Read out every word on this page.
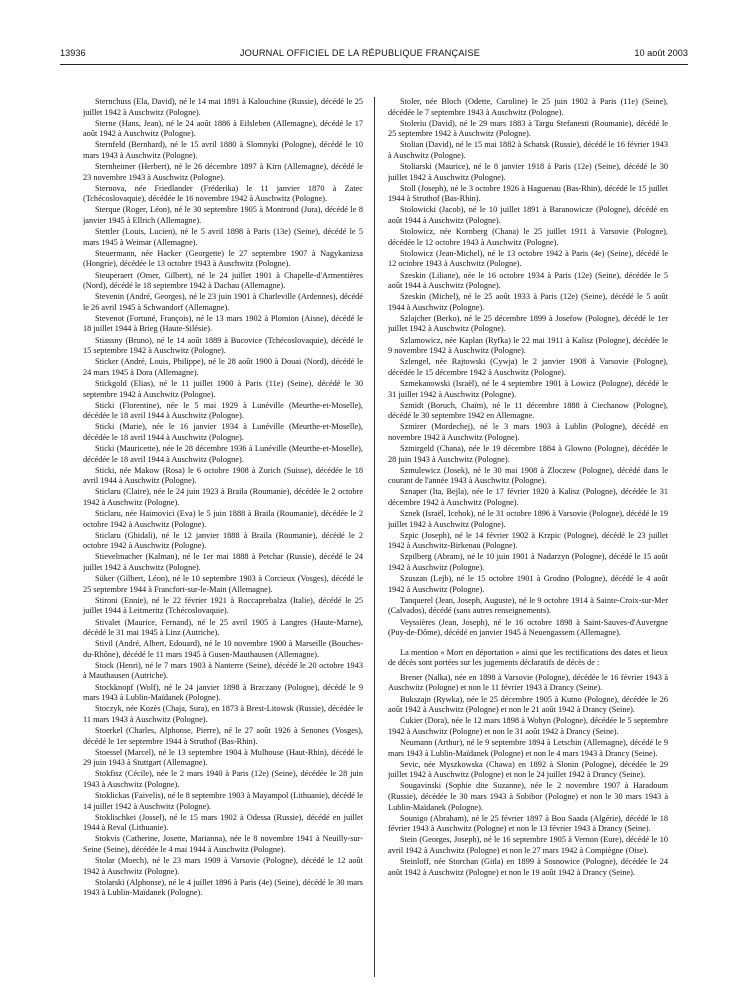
13936	JOURNAL OFFICIEL DE LA RÉPUBLIQUE FRANÇAISE	10 août 2003

Sternchuss (Ela, David), né le 14 mai 1891 à Kalouchine (Russie), décédé le 25 juillet 1942 à Auschwitz (Pologne).

Sterne (Hans, Jean), né le 24 août 1886 à Eilsleben (Allemagne), décédé le 17 août 1942 à Auschwitz (Pologne).

Sternfeld (Bernhard), né le 15 avril 1880 à Slomnyki (Pologne), décédé le 10 mars 1943 à Auschwitz (Pologne).

Sternheimer (Herbert), né le 26 décembre 1897 à Kirn (Allemagne), décédé le 23 novembre 1943 à Auschwitz (Pologne).

Sternova, née Friedlander (Fréderika) le 11 janvier 1870 à Zatec (Tchécoslovaquie), décédée le 16 novembre 1942 à Auschwitz (Pologne).

Sterque (Roger, Léon), né le 30 septembre 1905 à Montrond (Jura), décédé le 8 janvier 1945 à Ellrich (Allemagne).

Stettler (Louis, Lucien), né le 5 avril 1898 à Paris (13e) (Seine), décédé le 5 mars 1945 à Weimar (Allemagne).

Steuermann, née Hacker (Georgette) le 27 septembre 1907 à Nagykanizsa (Hongrie), décédée le 13 octobre 1943 à Auschwitz (Pologne).

Steuperaert (Omer, Gilbert), né le 24 juillet 1901 à Chapelle-d'Armentières (Nord), décédé le 18 septembre 1942 à Dachau (Allemagne).

Stevenin (André, Georges), né le 23 juin 1901 à Charleville (Ardennes), décédé le 26 avril 1945 à Schwandorf (Allemagne).

Stevenot (Fortuné, François), né le 13 mars 1902 à Plomion (Aisne), décédé le 18 juillet 1944 à Brieg (Haute-Silésie).

Stiassny (Bruno), né le 14 août 1889 à Bucovice (Tchécoslovaquie), décédé le 15 septembre 1942 à Auschwitz (Pologne).

Sticker (André, Louis, Philippe), né le 28 août 1900 à Douai (Nord), décédé le 24 mars 1945 à Dora (Allemagne).

Stickgold (Elias), né le 11 juillet 1900 à Paris (11e) (Seine), décédé le 30 septembre 1942 à Auschwitz (Pologne).

Sticki (Florentine), née le 5 mai 1929 à Lunéville (Meurthe-et-Moselle), décédée le 18 avril 1944 à Auschwitz (Pologne).

Sticki (Marie), née le 16 janvier 1934 à Lunéville (Meurthe-et-Moselle), décédée le 18 avril 1944 à Auschwitz (Pologne).

Sticki (Mauricette), née le 28 décembre 1936 à Lunéville (Meurthe-et-Moselle), décédée le 18 avril 1944 à Auschwitz (Pologne).

Sticki, née Makow (Rosa) le 6 octobre 1908 à Zurich (Suisse), décédée le 18 avril 1944 à Auschwitz (Pologne).

Sticlaru (Claire), née le 24 juin 1923 à Braila (Roumanie), décédée le 2 octobre 1942 à Auschwitz (Pologne).

Sticlaru, née Haimovici (Eva) le 5 juin 1888 à Braila (Roumanie), décédée le 2 octobre 1942 à Auschwitz (Pologne).

Sticlaru (Ghidali), né le 12 janvier 1888 à Braila (Roumanie), décédé le 2 octobre 1942 à Auschwitz (Pologne).

Stievelmacher (Kalman), né le 1er mai 1888 à Petchar (Russie), décédé le 24 juillet 1942 à Auschwitz (Pologne).

Süker (Gilbert, Léon), né le 10 septembre 1903 à Corcieux (Vosges), décédé le 25 septembre 1944 à Francfort-sur-le-Main (Allemagne).

Stironi (Ennie), né le 22 février 1921 à Roccaprebalza (Italie), décédé le 25 juillet 1944 à Leitmeritz (Tchécoslovaquie).

Stivalet (Maurice, Fernand), né le 25 avril 1905 à Langres (Haute-Marne), décédé le 31 mai 1945 à Linz (Autriche).

Stivil (André, Albert, Edouard), né le 10 novembre 1900 à Marseille (Bouches-du-Rhône), décédé le 11 mars 1945 à Gusen-Mauthausen (Allemagne).

Stock (Henri), né le 7 mars 1903 à Nanterre (Seine), décédé le 20 octobre 1943 à Mauthausen (Autriche).

Stockknopf (Wolf), né le 24 janvier 1898 à Brzczany (Pologne), décédé le 9 mars 1943 à Lublin-Maïdanek (Pologne).

Stoczyk, née Kozès (Chaja, Sura), en 1873 à Brest-Litowsk (Russie), décédée le 11 mars 1943 à Auschwitz (Pologne).

Stoerkel (Charles, Alphonse, Pierre), né le 27 août 1926 à Senones (Vosges), décédé le 1er septembre 1944 à Struthof (Bas-Rhin).

Stoessel (Marcel), né le 13 septembre 1904 à Mulhouse (Haut-Rhin), décédé le 29 juin 1943 à Stuttgart (Allemagne).

Stokfisz (Cécile), née le 2 mars 1940 à Paris (12e) (Seine), décédée le 28 juin 1943 à Auschwitz (Pologne).

Stoklickas (Faivelis), né le 8 septembre 1903 à Mayampol (Lithuanie), décédé le 14 juillet 1942 à Auschwitz (Pologne).

Stoklischkei (Jossel), né le 15 mars 1902 à Odessa (Russie), décédé en juillet 1944 à Reval (Lithuanie).

Stokvis (Catherine, Josette, Marianna), née le 8 novembre 1941 à Neuilly-sur-Seine (Seine), décédée le 4 mai 1944 à Auschwitz (Pologne).

Stolar (Moech), né le 23 mars 1909 à Varsovie (Pologne), décédé le 12 août 1942 à Auschwitz (Pologne).

Stolarski (Alphonse), né le 4 juillet 1896 à Paris (4e) (Seine), décédé le 30 mars 1943 à Lublin-Maïdanek (Pologne).

Stoler, née Bloch (Odette, Caroline) le 25 juin 1902 à Paris (11e) (Seine), décédée le 7 septembre 1943 à Auschwitz (Pologne).

Stoleriu (David), né le 29 mars 1883 à Targu Stefanesti (Roumanie), décédé le 25 septembre 1942 à Auschwitz (Pologne).

Stolian (David), né le 15 mai 1882 à Schatsk (Russie), décédé le 16 février 1943 à Auschwitz (Pologne).

Stoliarski (Maurice), né le 8 janvier 1918 à Paris (12e) (Seine), décédé le 30 juillet 1942 à Auschwitz (Pologne).

Stoll (Joseph), né le 3 octobre 1926 à Haguenau (Bas-Rhin), décédé le 15 juillet 1944 à Struthof (Bas-Rhin).

Stolowicki (Jacob), né le 10 juillet 1891 à Baranowicze (Pologne), décédé en août 1944 à Auschwitz (Pologne).

Stolowicz, née Kornberg (Chana) le 25 juillet 1911 à Varsovie (Pologne), décédée le 12 octobre 1943 à Auschwitz (Pologne).

Stolowicz (Jean-Michel), né le 13 octobre 1942 à Paris (4e) (Seine), décédé le 12 octobre 1943 à Auschwitz (Pologne).

Szeskin (Liliane), née le 16 octobre 1934 à Paris (12e) (Seine), décédée le 5 août 1944 à Auschwitz (Pologne).

Szeskin (Michel), né le 25 août 1933 à Paris (12e) (Seine), décédé le 5 août 1944 à Auschwitz (Pologne).

Szlajcher (Berko), né le 25 décembre 1899 à Josefow (Pologne), décédé le 1er juillet 1942 à Auschwitz (Pologne).

Szlamowicz, née Kaplan (Ryfka) le 22 mai 1911 à Kalisz (Pologne), décédée le 9 novembre 1942 à Auschwitz (Pologne).

Szlengel, née Rajtowski (Cywja) le 2 janvier 1908 à Varsovie (Pologne), décédée le 15 décembre 1942 à Auschwitz (Pologne).

Szmekanowski (Israël), né le 4 septembre 1901 à Lowicz (Pologne), décédé le 31 juillet 1942 à Auschwitz (Pologne).

Szmidt (Boruch, Chaïm), né le 11 décembre 1888 à Ciechanow (Pologne), décédé le 30 septembre 1942 en Allemagne.

Szmirer (Mordechej), né le 3 mars 1903 à Lublin (Pologne), décédé en novembre 1942 à Auschwitz (Pologne).

Szmirgeld (Chana), née le 19 décembre 1884 à Glowno (Pologne), décédée le 28 juin 1943 à Auschwitz (Pologne).

Szmulewicz (Josek), né le 30 mai 1908 à Zloczew (Pologne), décédé dans le courant de l'année 1943 à Auschwitz (Pologne).

Sznaper (Ita, Bejla), née le 17 février 1920 à Kalisz (Pologne), décédée le 31 décembre 1942 à Auschwitz (Pologne).

Sznek (Israël, Icehok), né le 31 octobre 1896 à Varsovie (Pologne), décédé le 19 juillet 1942 à Auschwitz (Pologne).

Szpic (Joseph), né le 14 février 1902 à Krzpic (Pologne), décédé le 23 juillet 1942 à Auschwitz-Birkenau (Pologne).

Szpilberg (Abram), né le 10 juin 1901 à Nadarzyn (Pologne), décédé le 15 août 1942 à Auschwitz (Pologne).

Szuszan (Lejb), né le 15 octobre 1901 à Grodno (Pologne), décédé le 4 août 1942 à Auschwitz (Pologne).

Tanquerel (Jean, Joseph, Auguste), né le 9 octobre 1914 à Sainte-Croix-sur-Mer (Calvados), décédé (sans autres renseignements).

Veyssières (Jean, Joseph), né le 16 octobre 1898 à Saint-Sauves-d'Auvergne (Puy-de-Dôme), décédé en janvier 1945 à Neuengassem (Allemagne).

La mention « Mort en déportation » ainsi que les rectifications des dates et lieux de décès sont portées sur les jugements déclaratifs de décès de :

Brener (Nalka), née en 1898 à Varsovie (Pologne), décédée le 16 février 1943 à Auschwitz (Pologne) et non le 11 février 1943 à Drancy (Seine).

Bukszajn (Rywka), née le 25 décembre 1905 à Kutno (Pologne), décédée le 26 août 1942 à Auschwitz (Pologne) et non le 21 août 1942 à Drancy (Seine).

Cukier (Dora), née le 12 mars 1898 à Wohyn (Pologne), décédée le 5 septembre 1942 à Auschwitz (Pologne) et non le 31 août 1942 à Drancy (Seine).

Neumann (Arthur), né le 9 septembre 1894 à Letschin (Allemagne), décédé le 9 mars 1943 à Lublin-Maïdanek (Pologne) et non le 4 mars 1943 à Drancy (Seine).

Sevic, née Myszkowska (Chawa) en 1892 à Slonin (Pologne), décédée le 29 juillet 1942 à Auschwitz (Pologne) et non le 24 juillet 1942 à Drancy (Seine).

Sougavinski (Sophie dite Suzanne), née le 2 novembre 1907 à Haradoum (Russie), décédée le 30 mars 1943 à Sobibor (Pologne) et non le 30 mars 1943 à Lublin-Maïdanek (Pologne).

Sounigo (Abraham), né le 25 février 1897 à Bou Saada (Algérie), décédé le 18 février 1943 à Auschwitz (Pologne) et non le 13 février 1943 à Drancy (Seine).

Stein (Georges, Joseph), né le 16 septembre 1905 à Vernon (Eure), décédé le 10 avril 1942 à Auschwitz (Pologne) et non le 27 mars 1942 à Compiègne (Oise).

Steinloff, née Storchan (Gitla) en 1899 à Sosnowice (Pologne), décédée le 24 août 1942 à Auschwitz (Pologne) et non le 19 août 1942 à Drancy (Seine).
